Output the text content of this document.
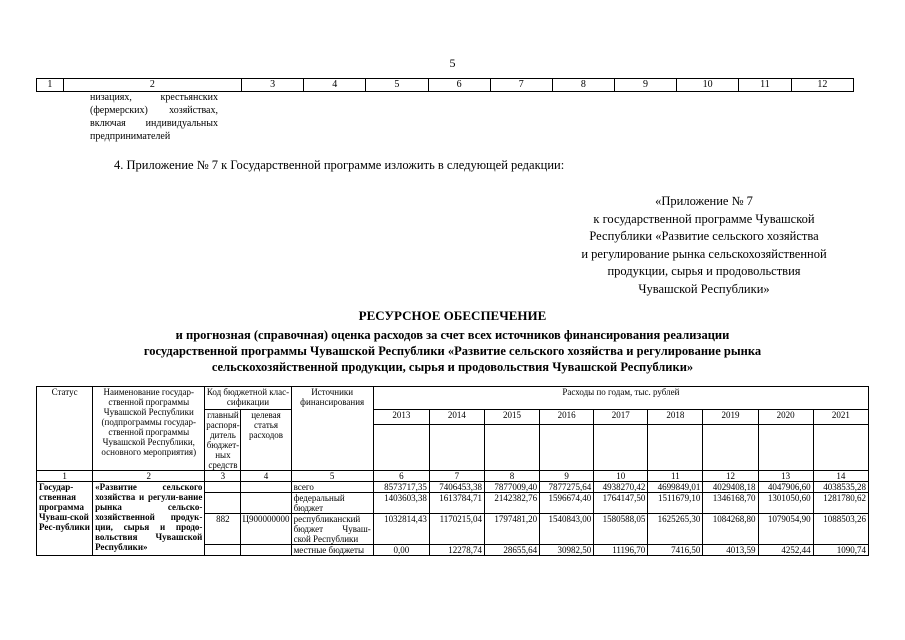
5
1	2	3	4	5	6	7	8	9	10	11	12
низациях, крестьянских
(фермерских) хозяйствах,
включая индивидуальных
предпринимателей
4. Приложение № 7 к Государственной программе изложить в следующей редакции:
«Приложение № 7
к государственной программе Чувашской
Республики «Развитие сельского хозяйства
и регулирование рынка сельскохозяйственной
продукции, сырья и продовольствия
Чувашской Республики»
РЕСУРСНОЕ ОБЕСПЕЧЕНИЕ
и прогнозная (справочная) оценка расходов за счет всех источников финансирования реализации
государственной программы Чувашской Республики «Развитие сельского хозяйства и регулирование рынка
сельскохозяйственной продукции, сырья и продовольствия Чувашской Республики»
Статус	Наименование государ-ственной программы Чувашской Республики (подпрограммы государ-ственной программы Чувашской Республики, основного мероприятия)	Код бюджетной клас-сификации		Источники финансирования	Расходы по годам, тыс. рублей								
		главный распоря-дитель бюджет-ных средств	целевая статья расходов		2013	2014	2015	2016	2017	2018	2019	2020	2021

1	2	3	4	5	6	7	8	9	10	11	12	13	14
Государ-ственная программа Чуваш-ской Рес-публики	«Развитие сельского хозяйства и регули-вание рынка сельско-хозяйственной продук-ции, сырья и продо-вольствия Чувашской Республики»			всего	8573717,35	7406453,38	7877009,40	7877275,64	4938270,42	4699849,01	4029408,18	4047906,60	4038535,28
				федеральный бюджет	1403603,38	1613784,71	2142382,76	1596674,40	1764147,50	1511679,10	1346168,70	1301050,60	1281780,62
		882	Ц900000000	республиканский бюджет Чуваш-ской Республики	1032814,43	1170215,04	1797481,20	1540843,00	1580588,05	1625265,30	1084268,80	1079054,90	1088503,26
				местные бюджеты	0,00	12278,74	28655,64	30982,50	11196,70	7416,50	4013,59	4252,44	1090,74
